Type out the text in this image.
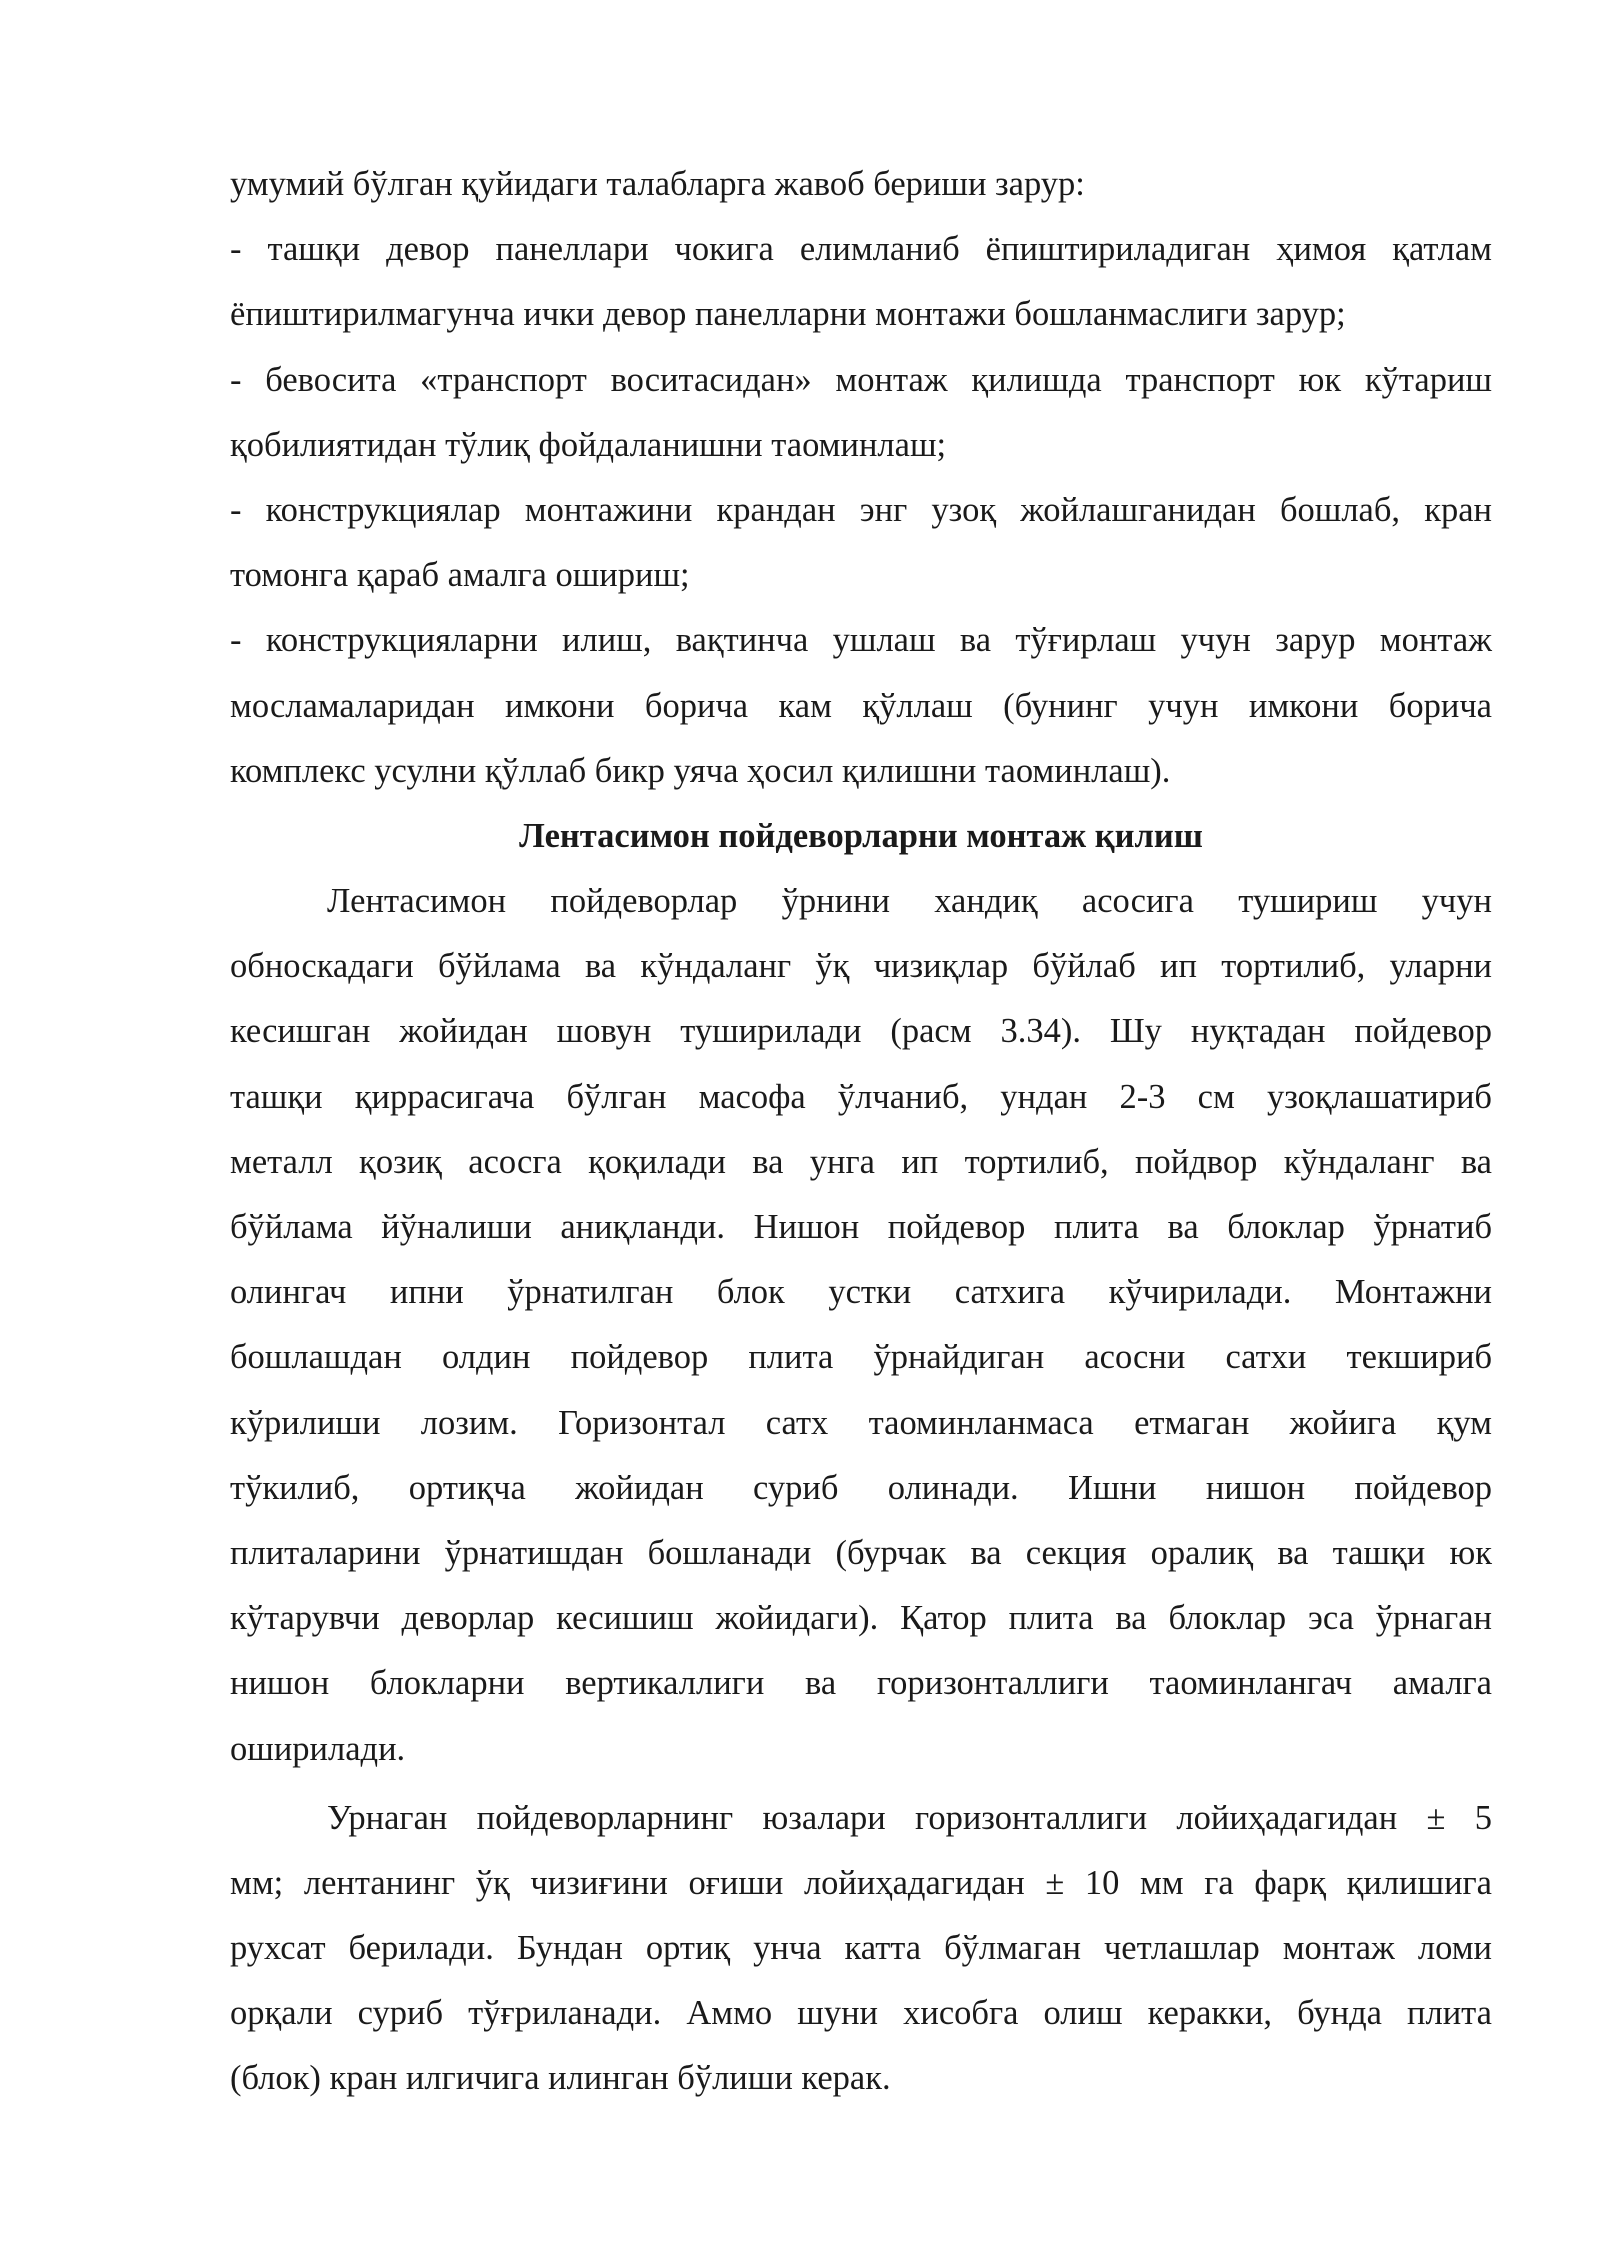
умумий бўлган қуйидаги талабларга жавоб бериши зарур:
- ташқи девор панеллари чокига елимланиб ёпиштириладиган ҳимоя қатлам
ёпиштирилмагунча ички девор панелларни монтажи бошланмаслиги зарур;
- бевосита «транспорт воситасидан» монтаж қилишда транспорт юк кўтариш
қобилиятидан тўлиқ фойдаланишни таоминлаш;
- конструкциялар монтажини крандан энг узоқ жойлашганидан бошлаб, кран
томонга қараб амалга ошириш;
- конструкцияларни илиш, вақтинча ушлаш ва тўғирлаш учун зарур монтаж
мосламаларидан имкони борича кам қўллаш (бунинг учун имкони борича
комплекс усулни қўллаб бикр уяча ҳосил қилишни таоминлаш).
Лентасимон пойдеворларни монтаж қилиш
Лентасимон пойдеворлар ўрнини хандиқ асосига тушириш учун
обноскадаги бўйлама ва кўндаланг ўқ чизиқлар бўйлаб ип тортилиб, уларни
кесишган жойидан шовун туширилади (расм 3.34). Шу нуқтадан пойдевор
ташқи қиррасигача бўлган масофа ўлчаниб, ундан 2-3 см узоқлашатириб
металл қозиқ асосга қоқилади ва унга ип тортилиб, пойдвор кўндаланг ва
бўйлама йўналиши аниқланди. Нишон пойдевор плита ва блоклар ўрнатиб
олингач ипни ўрнатилган блок устки сатхига кўчирилади. Монтажни
бошлашдан олдин пойдевор плита ўрнайдиган асосни сатхи текшириб
кўрилиши лозим. Горизонтал сатх таоминланмаса етмаган жойига қум
тўкилиб, ортиқча жойидан суриб олинади. Ишни нишон пойдевор
плиталарини ўрнатишдан бошланади (бурчак ва секция оралиқ ва ташқи юк
кўтарувчи деворлар кесишиш жойидаги). Қатор плита ва блоклар эса ўрнаган
нишон блокларни вертикаллиги ва горизонталлиги таоминлангач амалга
оширилади.
Урнаган пойдеворларнинг юзалари горизонталлиги лойиҳадагидан ± 5
мм; лентанинг ўқ чизиғини оғиши лойиҳадагидан ± 10 мм га фарқ қилишига
рухсат берилади. Бундан ортиқ унча катта бўлмаган четлашлар монтаж ломи
орқали суриб тўғриланади. Аммо шуни хисобга олиш керакки, бунда плита
(блок) кран илгичига илинган бўлиши керак.
